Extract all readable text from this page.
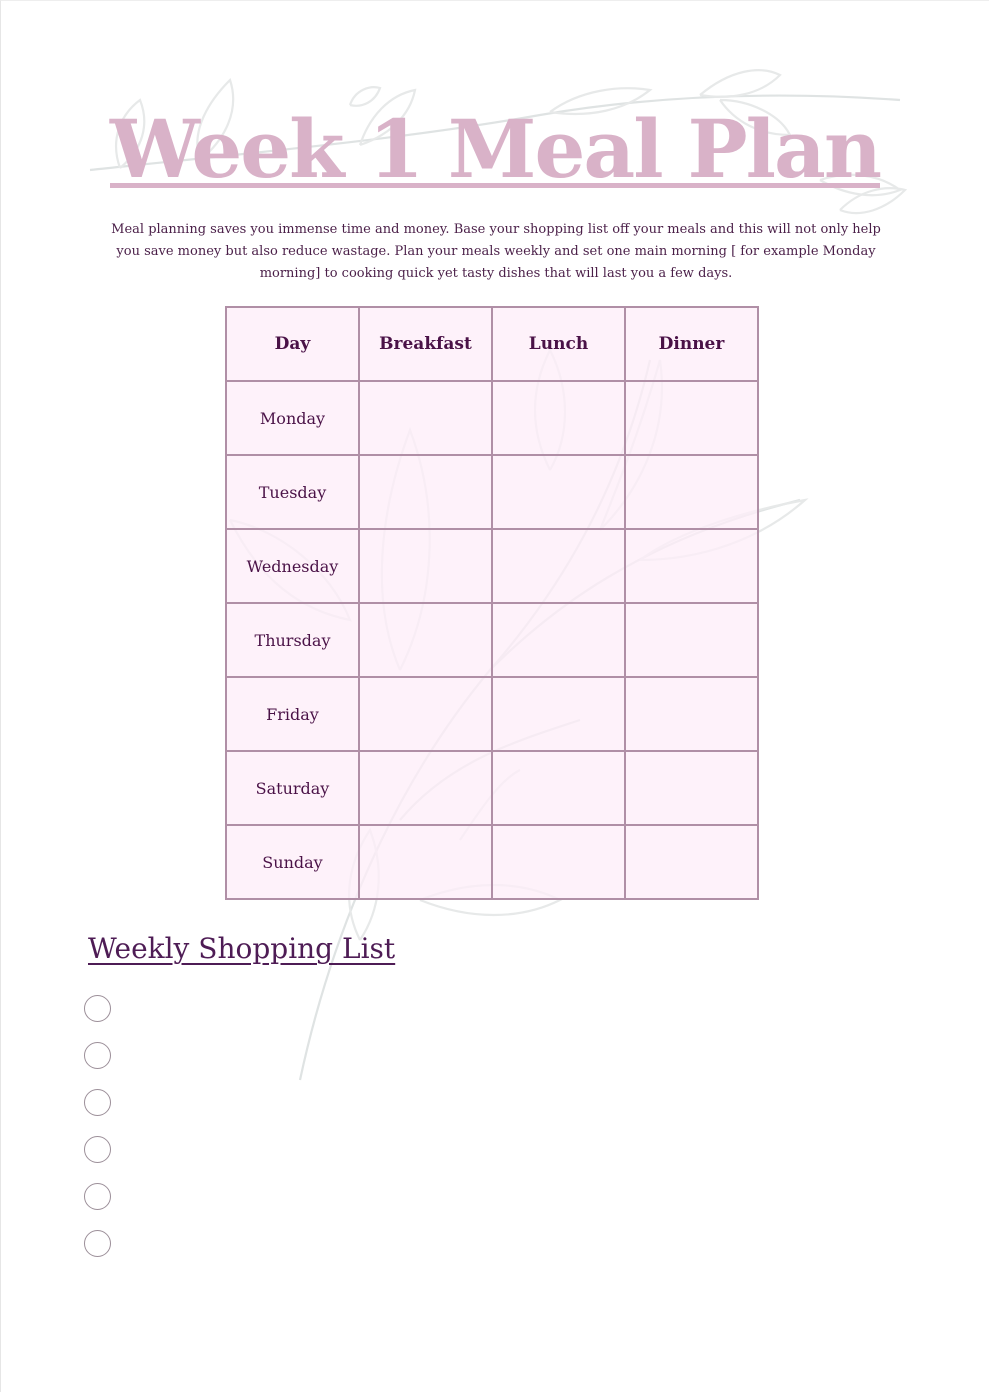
Week 1 Meal Plan

Meal planning saves you immense time and money. Base your shopping list off your meals and this will not only help you save money but also reduce wastage. Plan your meals weekly and set one main morning [ for example Monday morning] to cooking quick yet tasty dishes that will last you a few days.

Day	Breakfast	Lunch	Dinner
Monday			
Tuesday			
Wednesday			
Thursday			
Friday			
Saturday			
Sunday			
Weekly Shopping List
